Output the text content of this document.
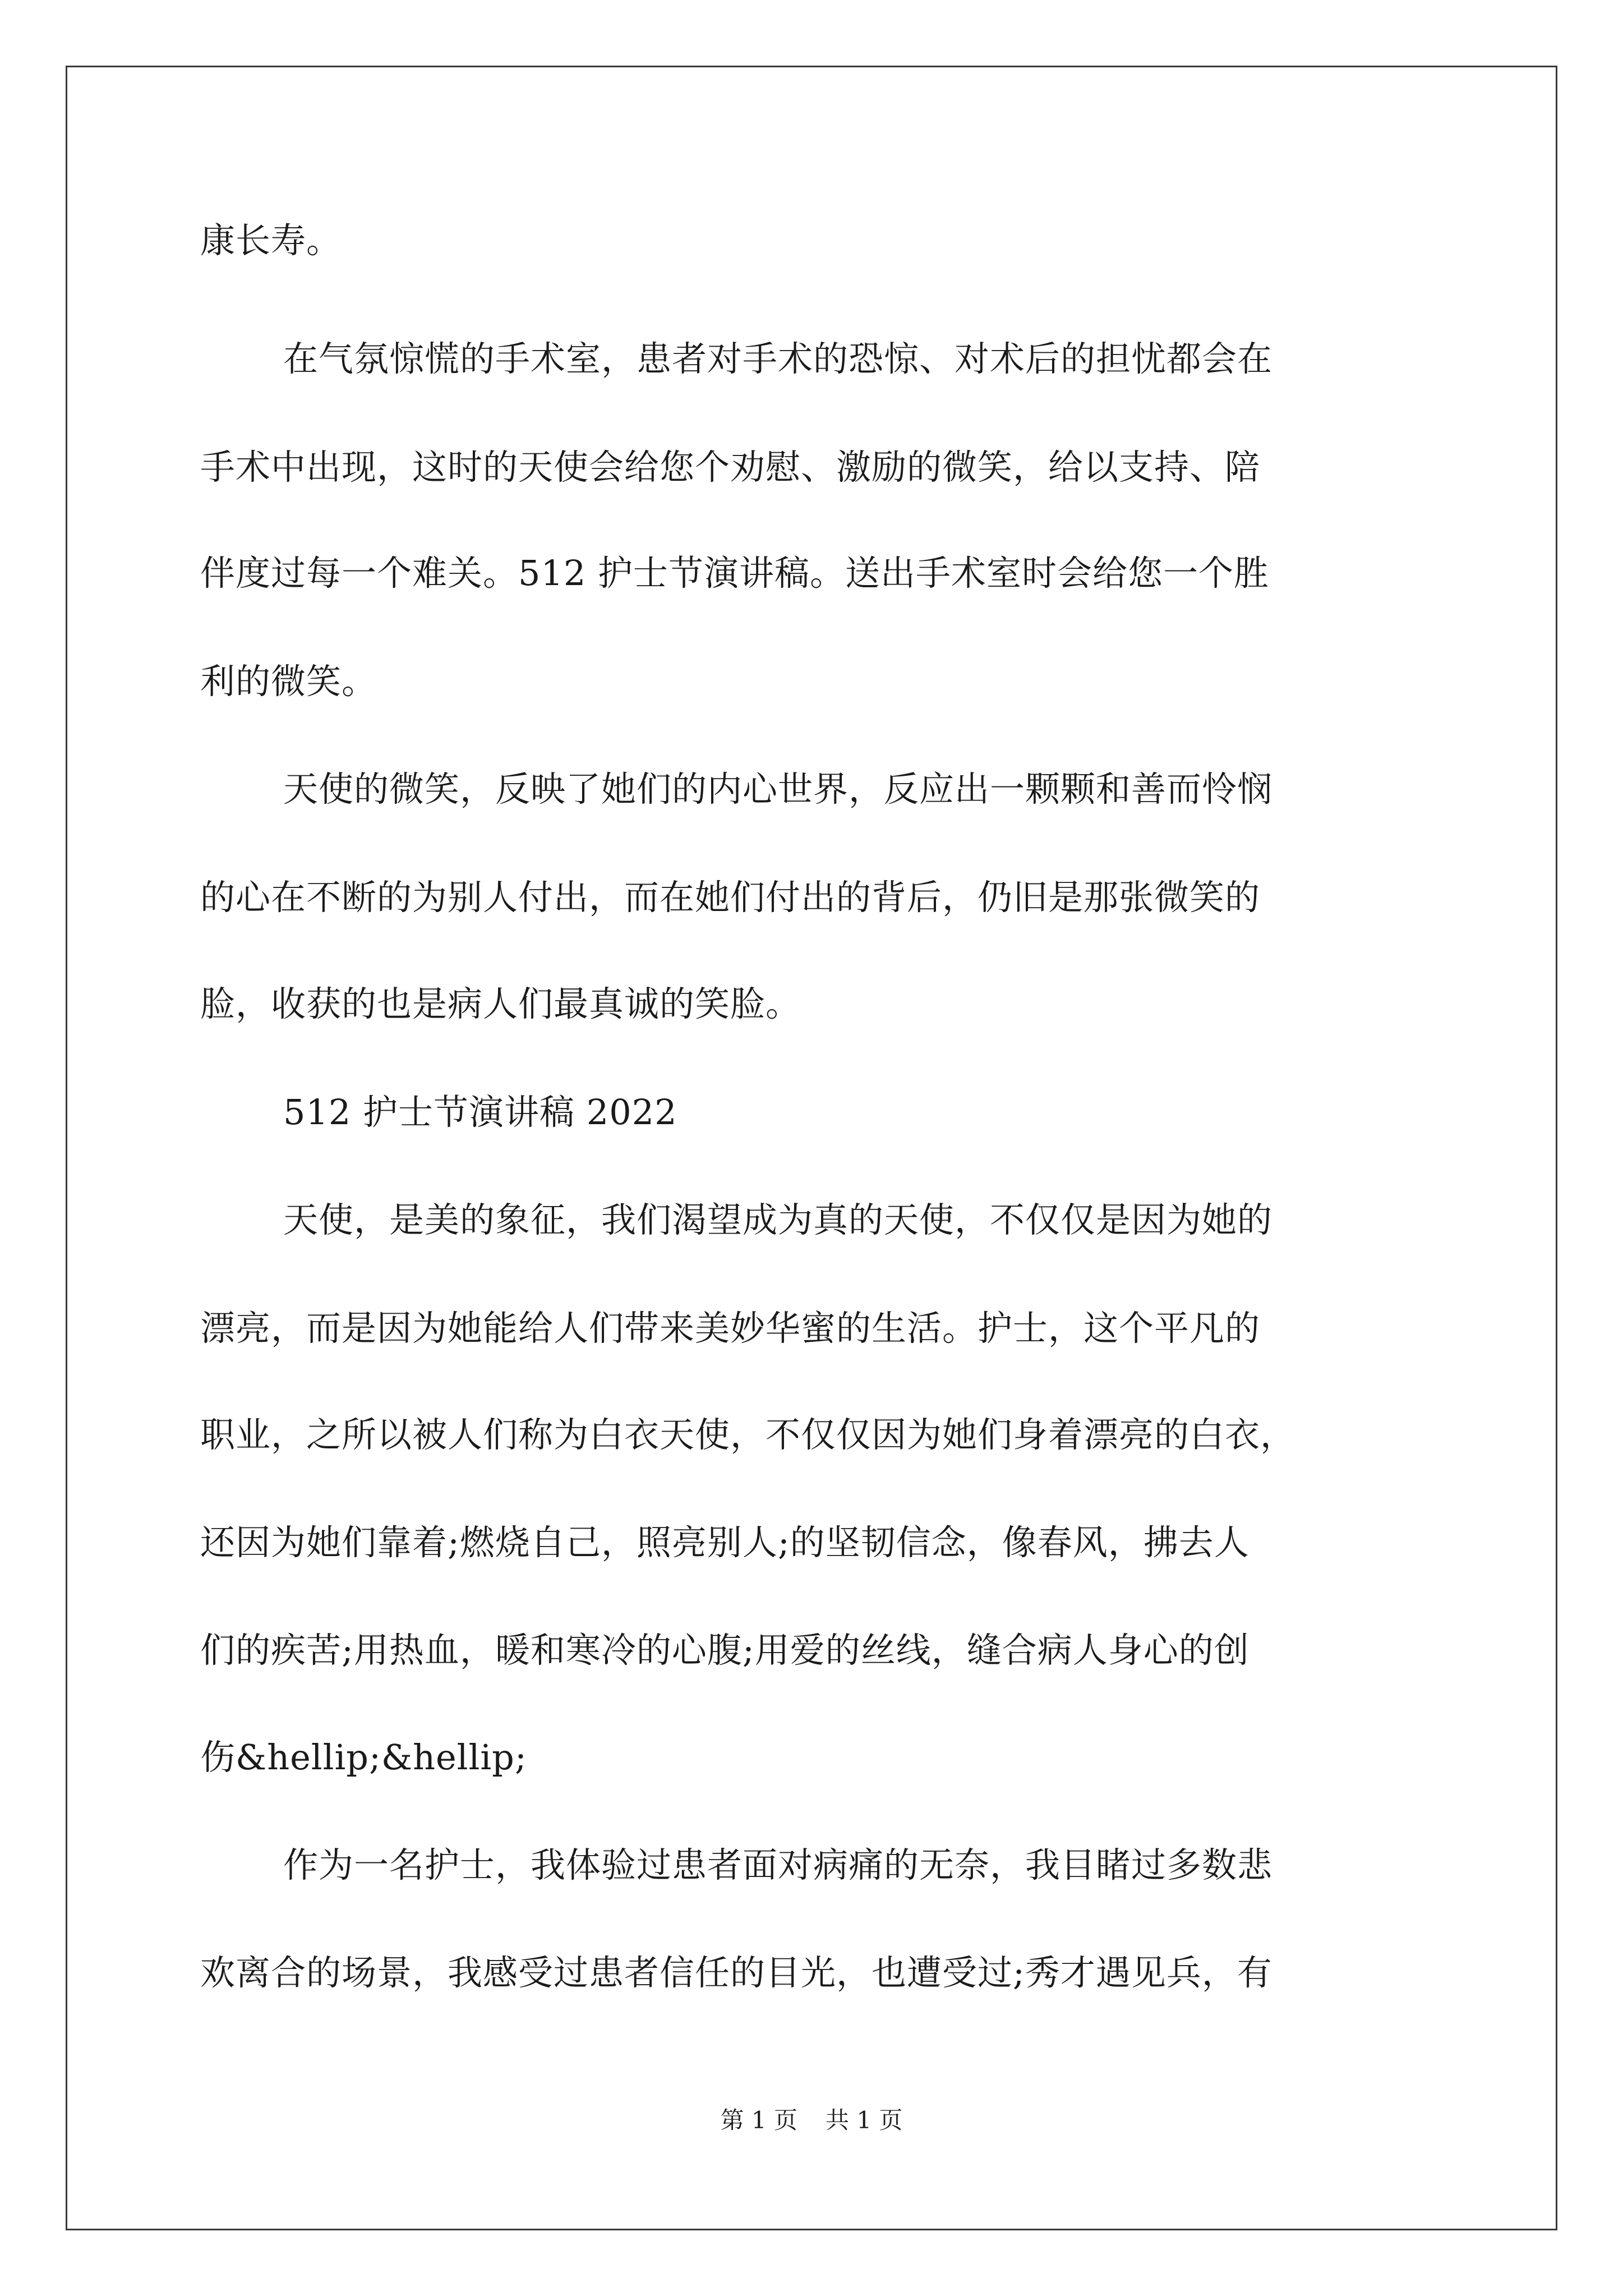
康长寿。
在气氛惊慌的手术室，患者对手术的恐惊、对术后的担忧都会在
手术中出现，这时的天使会给您个劝慰、激励的微笑，给以支持、陪
伴度过每一个难关。512 护士节演讲稿。送出手术室时会给您一个胜
利的微笑。
天使的微笑，反映了她们的内心世界，反应出一颗颗和善而怜悯
的心在不断的为别人付出，而在她们付出的背后，仍旧是那张微笑的
脸，收获的也是病人们最真诚的笑脸。
512 护士节演讲稿 2022
天使，是美的象征，我们渴望成为真的天使，不仅仅是因为她的
漂亮，而是因为她能给人们带来美妙华蜜的生活。护士，这个平凡的
职业，之所以被人们称为白衣天使，不仅仅因为她们身着漂亮的白衣，
还因为她们靠着;燃烧自己，照亮别人;的坚韧信念，像春风，拂去人
们的疾苦;用热血，暖和寒冷的心腹;用爱的丝线，缝合病人身心的创
伤&hellip;&hellip;
作为一名护士，我体验过患者面对病痛的无奈，我目睹过多数悲
欢离合的场景，我感受过患者信任的目光，也遭受过;秀才遇见兵，有
第 1 页 共 1 页
